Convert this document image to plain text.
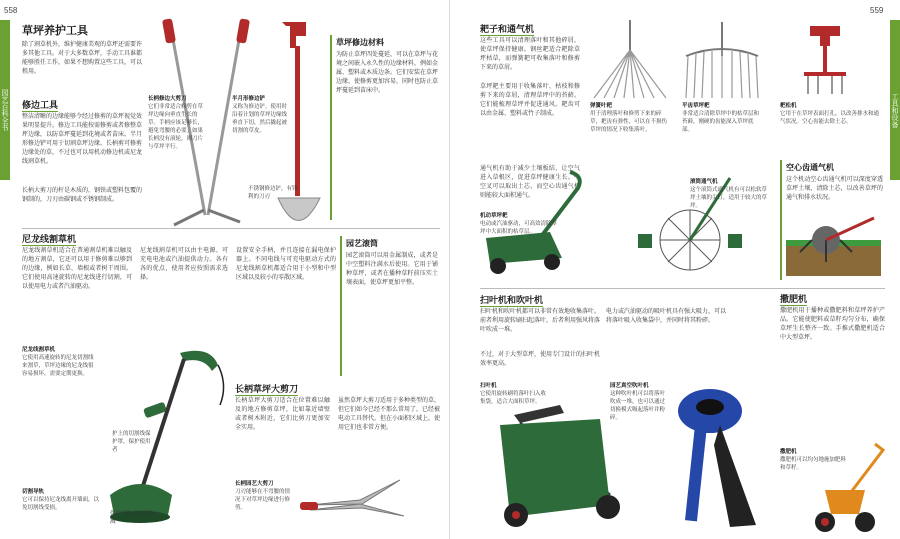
558
园艺百科全书
草坪养护工具
除了割草机外，维护健康美观的草坪还需要许多其他工具。对于大多数草坪，手动工具谁都能够胜任工作，如果不想购置这些工具，可以租用。
修边工具
整洁清晰的边缘能够令经过修剪的草坪视觉效果明显提升。修边工具能按需修剪或者修整草坪边缘，以防草坪蔓延到花境或者苗床。半月形修边铲可用于切割草坪边缘。长柄剪可修剪边缘处的草，不过也可以用机动修边机或尼龙线割草机。
长柄大剪刀的杆是木质的，钢铁或塑料包覆的钢制的，刀刃由碳钢或不锈钢制成。
长柄修边大剪刀
它们非常适合修剪在草坪边缘向垂直生长的草。手柄应该足够长，避免弯腰的必要。如果长柄没有滚轮，则刀片与草坪平行。
半月形修边铲
又称为修边铲。使用时沿着计划的草坪边缘线垂直下切，然后撬起被切割的草皮。
不锈钢修边铲，有锋利的刀刃
草坪修边材料
为防止草坪四处蔓延，可以在草坪与花境之间嵌入永久性的边缘材料，例如金属、塑料或木质边条。它们安装在草坪边缘，使修剪更加容易，同时也防止草坪蔓延到苗床中。
尼龙线割草机
尼龙线割草机适合在普通割草机难以触及的地方割草，它还可以用于修剪难以够到的边缘，例如长草、墙根或者树干周围。它们使用高速旋转的尼龙线进行切割，可以使用电力或者汽油驱动。
尼龙线割草机可以由主电源、可充电电池或汽油提供动力。各有各的优点，使用者应按照需求选择。
设置安全手柄，并且连接在漏电保护器上。不同电线与可充电驱动方式的尼龙线割草机都适合用于小型和中型区域以及较小的零散区域。
园艺滚筒
园艺滚筒可以用金属制成，或者是中空塑料注满水后使用。它用于铺种草坪，或者在播种草籽前压实土壤表面，使草坪更加平整。
尼龙线割草机
它使用高速旋转的尼龙切割线来割草，草坪边缘的尼龙线很容易损坏，需要定期更换。
护上的切割线保护罩，保护使用者
切割导轨
它可以保持尼龙线离开墙面，以免切割线受损。
保护罩防止切割物飞溅
长柄草坪大剪刀
长柄草坪大剪刀适合在位置难以触及的地方修剪草坪，比如靠近墙壁或者树木附近，它们比剪刀更加安全实用。
虽然草坪大剪刀适用于多种类型的草，但它们如今已经不那么常用了，已经被电动工具替代。但在小面积区域上，使用它们也非常方便。
长柄园艺大剪刀
刀刃能够在不弯腰的情况下对草坪边缘进行修剪。
559
工具和设备
耙子和通气机
这些工具可以清理落叶和其他碎屑，使草坪保持健康。钢丝耙适合耙除草坪枯草，而弹簧耙可收集落叶和修剪下来的草屑。
草坪耙主要用于收集落叶、枯枝和修剪下来的草屑，清理草坪中的苔藓。它们能梳理草坪并促进通风。耙齿可以由金属、塑料或竹子制成。
通气机有助于减少土壤板结，让空气进入草根区，促进草坪健康生长。中空叉可以取出土芯，而空心齿通气机则能较大面积通气。
弹簧叶耙
用于清理落叶和修剪下来的碎草，耙齿有弹性，可以在不损伤草坪的情况下收集落叶。
平齿草坪耙
非常适合清除草坪中的枯草层和苔藓，刚硬的齿能深入草坪底部。
耙松机
它用于在草坪表面打孔，以改善排水和通气状况。空心齿能去除土芯。
机动草坪耙
电动或汽油驱动，可高效清除草坪中大面积的枯草层。
滚筒通气机
这个滚筒式通气机有可以松软草坪土壤的尖钉，适用于较大的草坪。
空心齿通气机
这个机动空心齿通气机可以深度穿透草坪土壤，清除土芯，以改善草坪的通气和排水状况。
扫叶机和吹叶机
扫叶机和吹叶机都可以非常有效地收集落叶。前者利用旋转刷扫起落叶，后者利用强风将落叶吹成一堆。
不过，对于大型草坪，使用专门设计的扫叶机效率更高。
电力或汽油驱动的吸叶机具有强大吸力，可以将落叶吸入收集袋中，并同时将其粉碎。
扫叶机
它使用旋转刷将落叶扫入收集袋，适合大面积草坪。
园艺真空吹叶机
这种吹叶机可以将落叶吹成一堆，也可以通过切换模式吸起落叶并粉碎。
撒肥机
撒肥机用于播种或撒肥料和草坪养护产品。它能使肥料或草籽均匀分布，确保草坪生长整齐一致。手推式撒肥机适合中大型草坪。
撒肥机
撒肥机可以均匀地施加肥料和草籽。
